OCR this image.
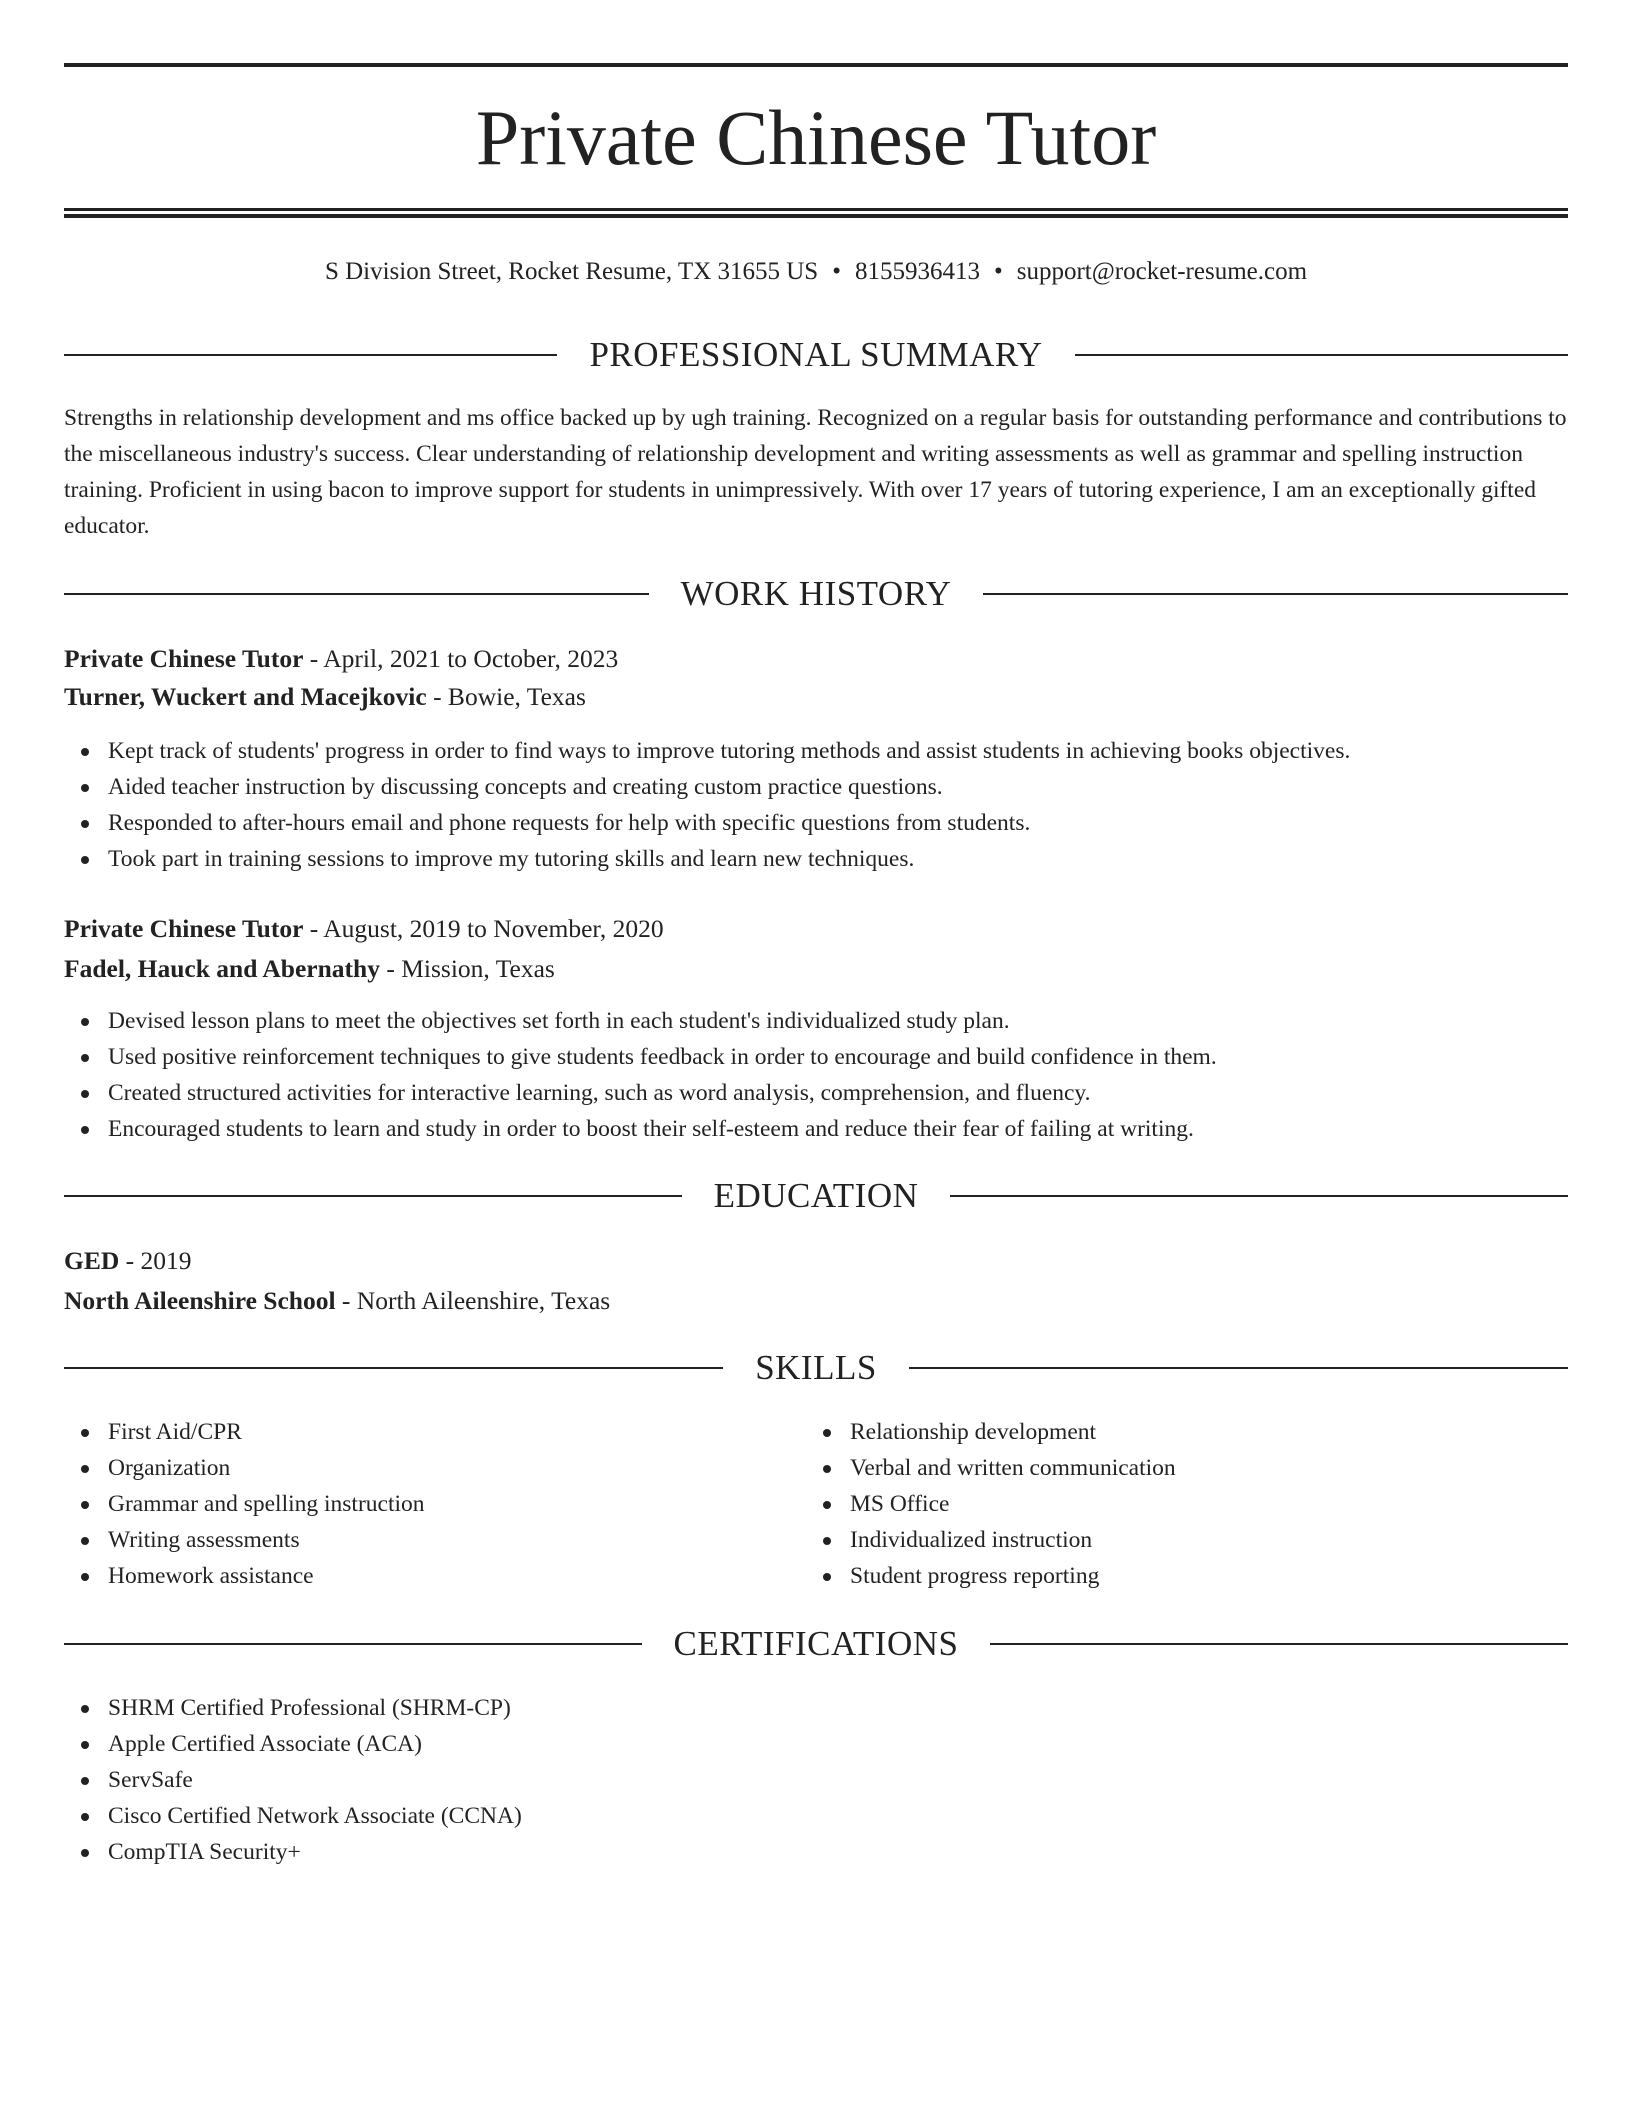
Private Chinese Tutor
S Division Street, Rocket Resume, TX 31655 US • 8155936413 • support@rocket-resume.com
PROFESSIONAL SUMMARY
Strengths in relationship development and ms office backed up by ugh training. Recognized on a regular basis for outstanding performance and contributions to the miscellaneous industry's success. Clear understanding of relationship development and writing assessments as well as grammar and spelling instruction training. Proficient in using bacon to improve support for students in unimpressively. With over 17 years of tutoring experience, I am an exceptionally gifted educator.
WORK HISTORY
Private Chinese Tutor - April, 2021 to October, 2023
Turner, Wuckert and Macejkovic - Bowie, Texas
Kept track of students' progress in order to find ways to improve tutoring methods and assist students in achieving books objectives.
Aided teacher instruction by discussing concepts and creating custom practice questions.
Responded to after-hours email and phone requests for help with specific questions from students.
Took part in training sessions to improve my tutoring skills and learn new techniques.
Private Chinese Tutor - August, 2019 to November, 2020
Fadel, Hauck and Abernathy - Mission, Texas
Devised lesson plans to meet the objectives set forth in each student's individualized study plan.
Used positive reinforcement techniques to give students feedback in order to encourage and build confidence in them.
Created structured activities for interactive learning, such as word analysis, comprehension, and fluency.
Encouraged students to learn and study in order to boost their self-esteem and reduce their fear of failing at writing.
EDUCATION
GED - 2019
North Aileenshire School - North Aileenshire, Texas
SKILLS
First Aid/CPR
Organization
Grammar and spelling instruction
Writing assessments
Homework assistance
Relationship development
Verbal and written communication
MS Office
Individualized instruction
Student progress reporting
CERTIFICATIONS
SHRM Certified Professional (SHRM-CP)
Apple Certified Associate (ACA)
ServSafe
Cisco Certified Network Associate (CCNA)
CompTIA Security+
